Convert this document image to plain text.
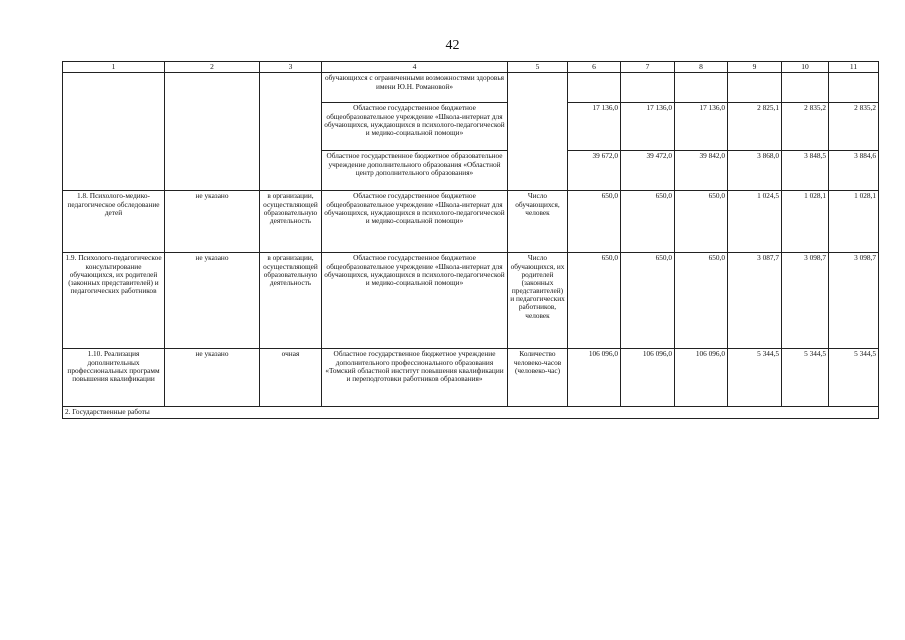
42
1	2	3	4	5	6	7	8	9	10	11
			обучающихся с ограниченными возможностями здоровья имени Ю.Н. Романовой»							
			Областное государственное бюджетное общеобразовательное учреждение «Школа-интернат для обучающихся, нуждающихся в психолого-педагогической и медико-социальной помощи»		17 136,0	17 136,0	17 136,0	2 825,1	2 835,2	2 835,2
			Областное государственное бюджетное образовательное учреждение дополнительного образования «Областной центр дополнительного образования»		39 672,0	39 472,0	39 842,0	3 868,0	3 848,5	3 884,6
1.8. Психолого-медико-педагогическое обследование детей	не указано	в организации, осуществляющей образовательную деятельность	Областное государственное бюджетное общеобразовательное учреждение «Школа-интернат для обучающихся, нуждающихся в психолого-педагогической и медико-социальной помощи»	Число обучающихся, человек	650,0	650,0	650,0	1 024,5	1 028,1	1 028,1
1.9. Психолого-педагогическое консультирование обучающихся, их родителей (законных представителей) и педагогических работников	не указано	в организации, осуществляющей образовательную деятельность	Областное государственное бюджетное общеобразовательное учреждение «Школа-интернат для обучающихся, нуждающихся в психолого-педагогической и медико-социальной помощи»	Число обучающихся, их родителей (законных представителей) и педагогических работников, человек	650,0	650,0	650,0	3 087,7	3 098,7	3 098,7
1.10. Реализация дополнительных профессиональных программ повышения квалификации	не указано	очная	Областное государственное бюджетное учреждение дополнительного профессионального образования «Томский областной институт повышения квалификации и переподготовки работников образования»	Количество человеко-часов (человеко-час)	106 096,0	106 096,0	106 096,0	5 344,5	5 344,5	5 344,5
2. Государственные работы										
